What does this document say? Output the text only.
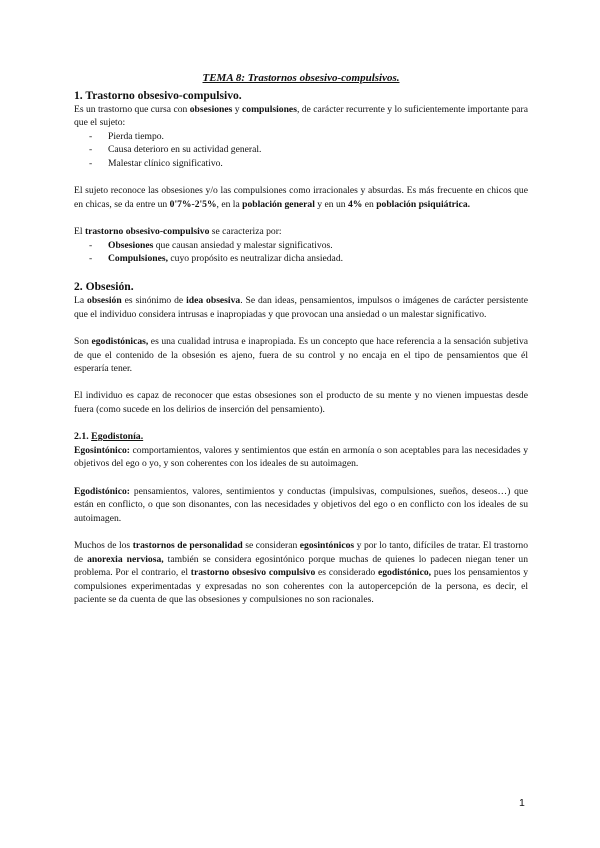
TEMA 8: Trastornos obsesivo-compulsivos.
1. Trastorno obsesivo-compulsivo.

Es un trastorno que cursa con obsesiones y compulsiones, de carácter recurrente y lo suficientemente importante para que el sujeto:

- Pierda tiempo.
- Causa deterioro en su actividad general.
- Malestar clínico significativo.

El sujeto reconoce las obsesiones y/o las compulsiones como irracionales y absurdas. Es más frecuente en chicos que en chicas, se da entre un 0'7%-2'5%, en la población general y en un 4% en población psiquiátrica.

El trastorno obsesivo-compulsivo se caracteriza por:

- Obsesiones que causan ansiedad y malestar significativos.
- Compulsiones, cuyo propósito es neutralizar dicha ansiedad.
2. Obsesión.

La obsesión es sinónimo de idea obsesiva. Se dan ideas, pensamientos, impulsos o imágenes de carácter persistente que el individuo considera intrusas e inapropiadas y que provocan una ansiedad o un malestar significativo.

Son egodistónicas, es una cualidad intrusa e inapropiada. Es un concepto que hace referencia a la sensación subjetiva de que el contenido de la obsesión es ajeno, fuera de su control y no encaja en el tipo de pensamientos que él esperaría tener.

El individuo es capaz de reconocer que estas obsesiones son el producto de su mente y no vienen impuestas desde fuera (como sucede en los delirios de inserción del pensamiento).

2.1. Egodistonía.

Egosintónico: comportamientos, valores y sentimientos que están en armonía o son aceptables para las necesidades y objetivos del ego o yo, y son coherentes con los ideales de su autoimagen.

Egodistónico: pensamientos, valores, sentimientos y conductas (impulsivas, compulsiones, sueños, deseos…) que están en conflicto, o que son disonantes, con las necesidades y objetivos del ego o en conflicto con los ideales de su autoimagen.

Muchos de los trastornos de personalidad se consideran egosintónicos y por lo tanto, difíciles de tratar. El trastorno de anorexia nerviosa, también se considera egosintónico porque muchas de quienes lo padecen niegan tener un problema. Por el contrario, el trastorno obsesivo compulsivo es considerado egodistónico, pues los pensamientos y compulsiones experimentadas y expresadas no son coherentes con la autopercepción de la persona, es decir, el paciente se da cuenta de que las obsesiones y compulsiones no son racionales.

1
